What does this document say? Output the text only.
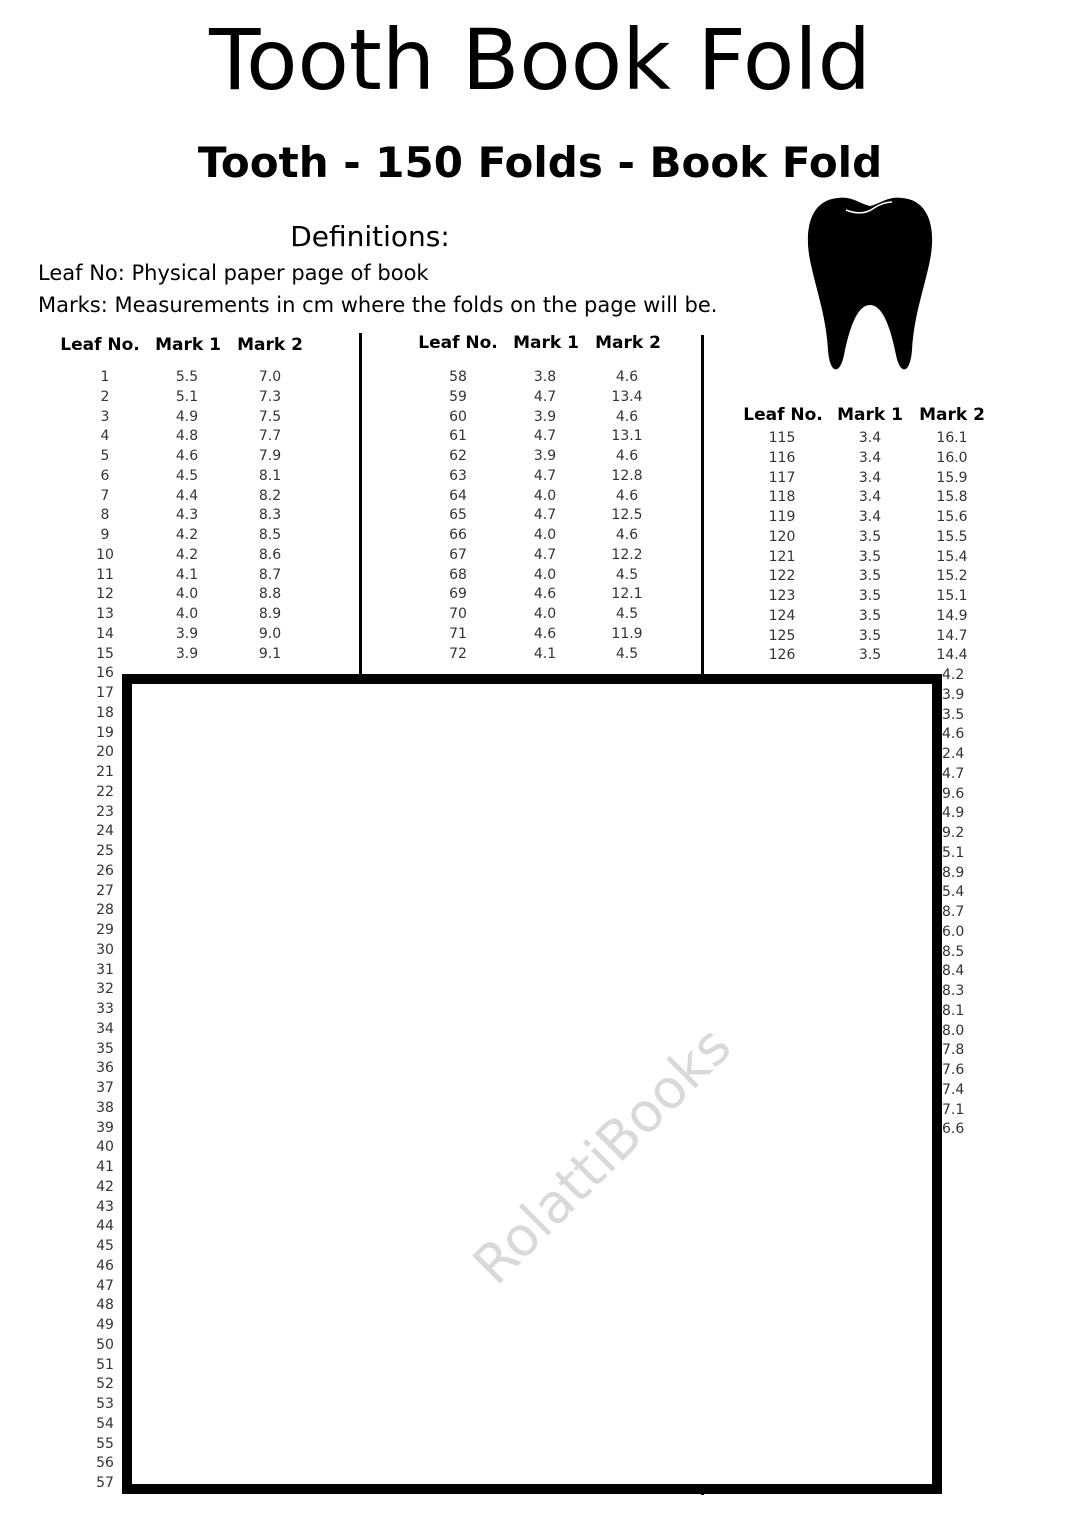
Tooth Book Fold
Tooth - 150 Folds - Book Fold
Definitions:
Leaf No: Physical paper page of book
Marks: Measurements in cm where the folds on the page will be.
Leaf No. Mark 1 Mark 2	Leaf No. Mark 1 Mark 2
Leaf No. Mark 1 Mark 2
1
2
3
4
5
6
7
8
9
10
11
12
13
14
15
16
17
18
19
20
21
22
23
24
25
26
27
28
29
30
31
32
33
34
35
36
37
38
39
40
41
42
43
44
45
46
47
48
49
50
51
52
53
54
55
56
57
5.5
5.1
4.9
4.8
4.6
4.5
4.4
4.3
4.2
4.2
4.1
4.0
4.0
3.9
3.9
7.0
7.3
7.5
7.7
7.9
8.1
8.2
8.3
8.5
8.6
8.7
8.8
8.9
9.0
9.1
58
59
60
61
62
63
64
65
66
67
68
69
70
71
72
3.8
4.7
3.9
4.7
3.9
4.7
4.0
4.7
4.0
4.7
4.0
4.6
4.0
4.6
4.1
4.6
13.4
4.6
13.1
4.6
12.8
4.6
12.5
4.6
12.2
4.5
12.1
4.5
11.9
4.5
115
116
117
118
119
120
121
122
123
124
125
126
3.4
3.4
3.4
3.4
3.4
3.5
3.5
3.5
3.5
3.5
3.5
3.5
16.1
16.0
15.9
15.8
15.6
15.5
15.4
15.2
15.1
14.9
14.7
14.4
4.2
3.9
3.5
4.6
2.4
4.7
9.6
4.9
9.2
5.1
8.9
5.4
8.7
6.0
8.5
8.4
8.3
8.1
8.0
7.8
7.6
7.4
7.1
6.6
RolattiBooks
